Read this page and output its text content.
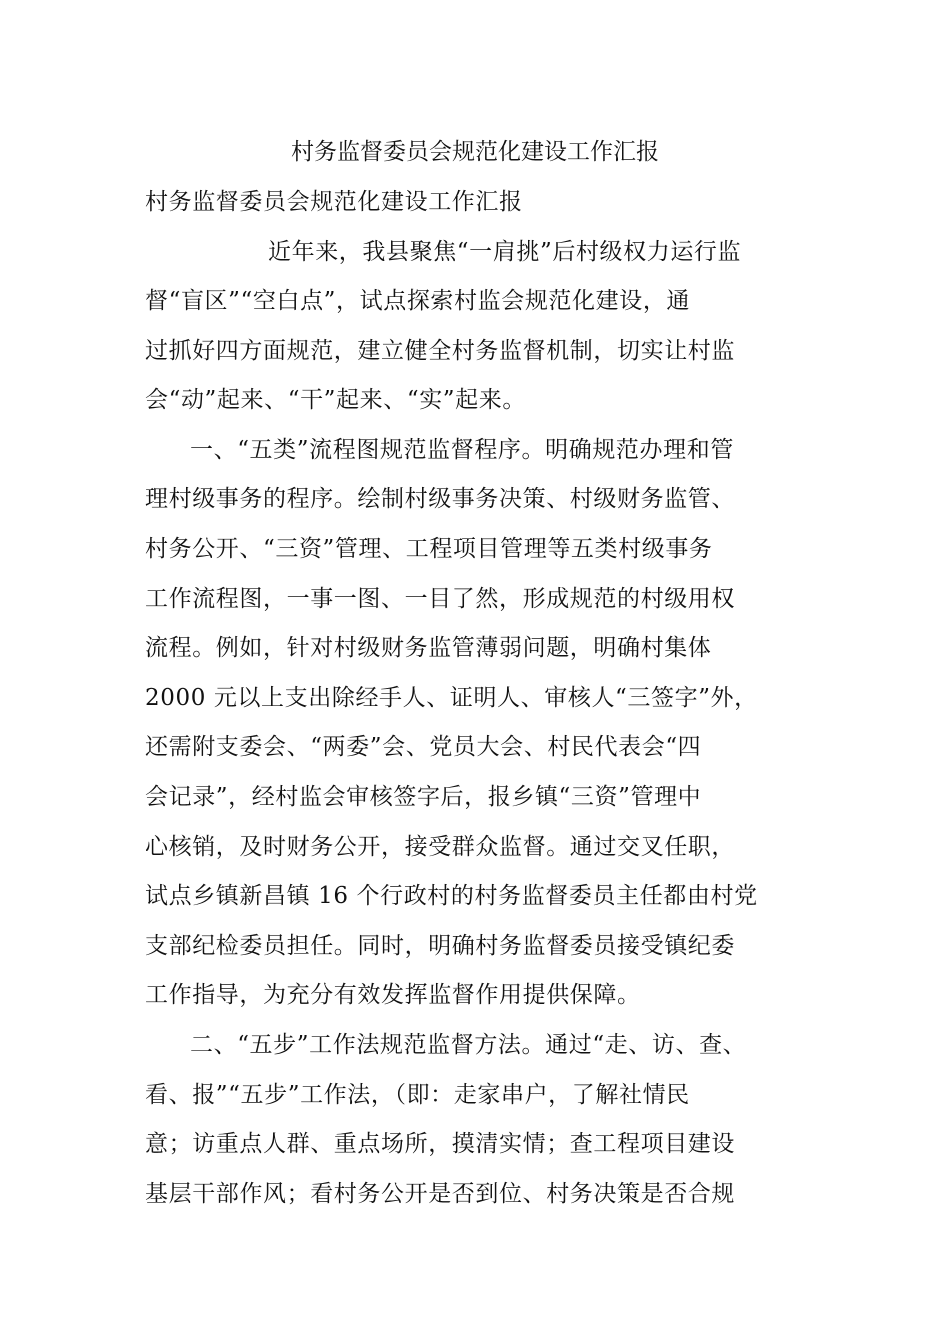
村务监督委员会规范化建设工作汇报
村务监督委员会规范化建设工作汇报
近年来，我县聚焦“一肩挑”后村级权力运行监
督“盲区”“空白点”，试点探索村监会规范化建设，通
过抓好四方面规范，建立健全村务监督机制，切实让村监
会“动”起来、“干”起来、“实”起来。
一、“五类”流程图规范监督程序。明确规范办理和管
理村级事务的程序。绘制村级事务决策、村级财务监管、
村务公开、“三资”管理、工程项目管理等五类村级事务
工作流程图，一事一图、一目了然，形成规范的村级用权
流程。例如，针对村级财务监管薄弱问题，明确村集体
2000 元以上支出除经手人、证明人、审核人“三签字”外，
还需附支委会、“两委”会、党员大会、村民代表会“四
会记录”，经村监会审核签字后，报乡镇“三资”管理中
心核销，及时财务公开，接受群众监督。通过交叉任职，
试点乡镇新昌镇 16 个行政村的村务监督委员主任都由村党
支部纪检委员担任。同时，明确村务监督委员接受镇纪委
工作指导，为充分有效发挥监督作用提供保障。
二、“五步”工作法规范监督方法。通过“走、访、查、
看、报”“五步”工作法，（即：走家串户，了解社情民
意；访重点人群、重点场所，摸清实情；查工程项目建设
基层干部作风；看村务公开是否到位、村务决策是否合规
